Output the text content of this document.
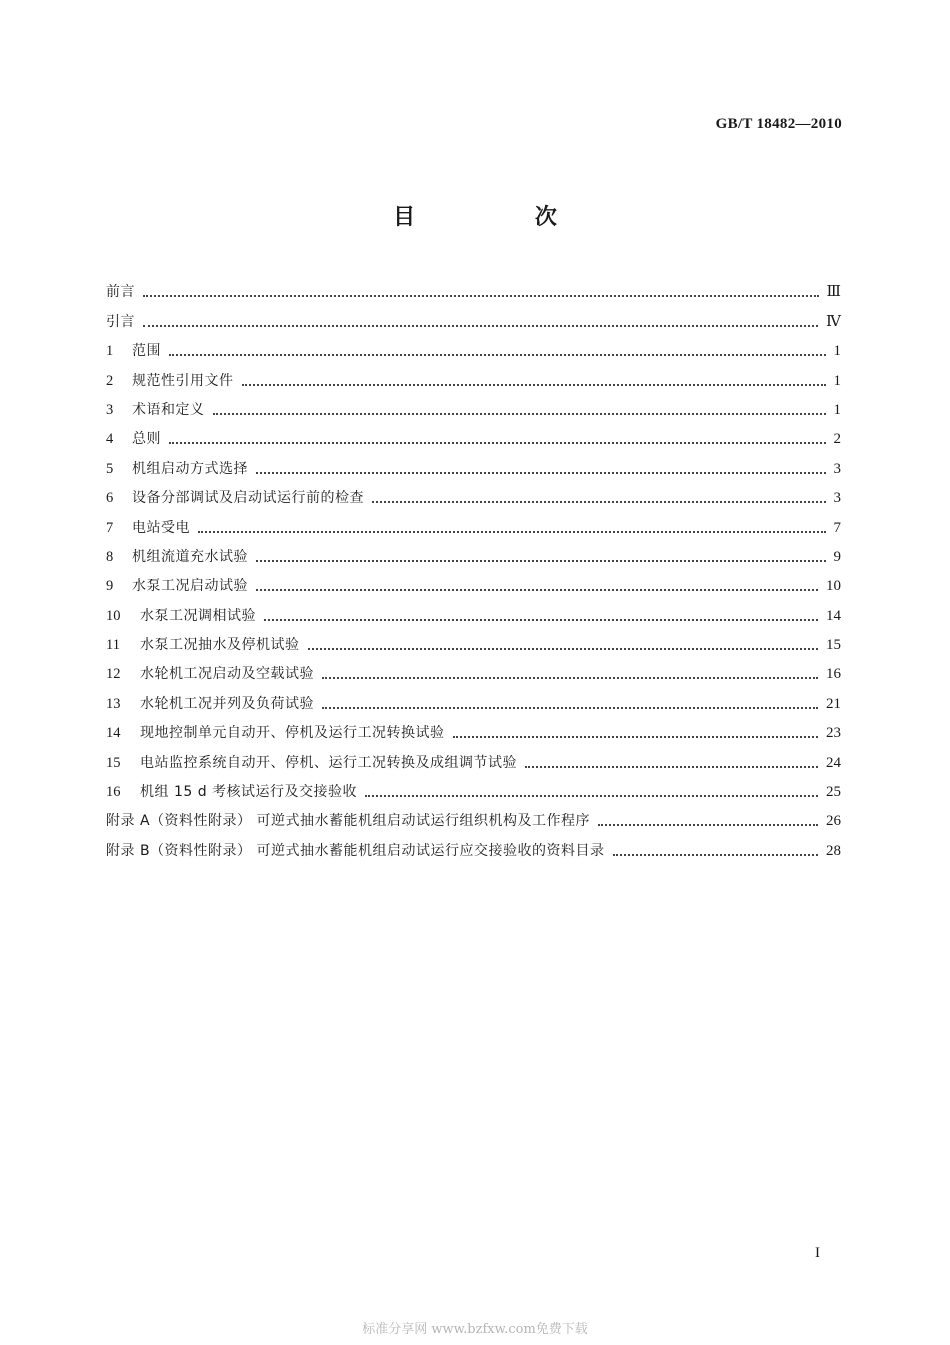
GB/T 18482—2010
目 次
前言	Ⅲ
引言	Ⅳ
1	范围	1
2	规范性引用文件	1
3	术语和定义	1
4	总则	2
5	机组启动方式选择	3
6	设备分部调试及启动试运行前的检查	3
7	电站受电	7
8	机组流道充水试验	9
9	水泵工况启动试验	10
10	水泵工况调相试验	14
11	水泵工况抽水及停机试验	15
12	水轮机工况启动及空载试验	16
13	水轮机工况并列及负荷试验	21
14	现地控制单元自动开、停机及运行工况转换试验	23
15	电站监控系统自动开、停机、运行工况转换及成组调节试验	24
16	机组 15 d 考核试运行及交接验收	25
附录 A（资料性附录） 可逆式抽水蓄能机组启动试运行组织机构及工作程序	26
附录 B（资料性附录） 可逆式抽水蓄能机组启动试运行应交接验收的资料目录	28
I
标准分享网 www.bzfxw.com免费下载
